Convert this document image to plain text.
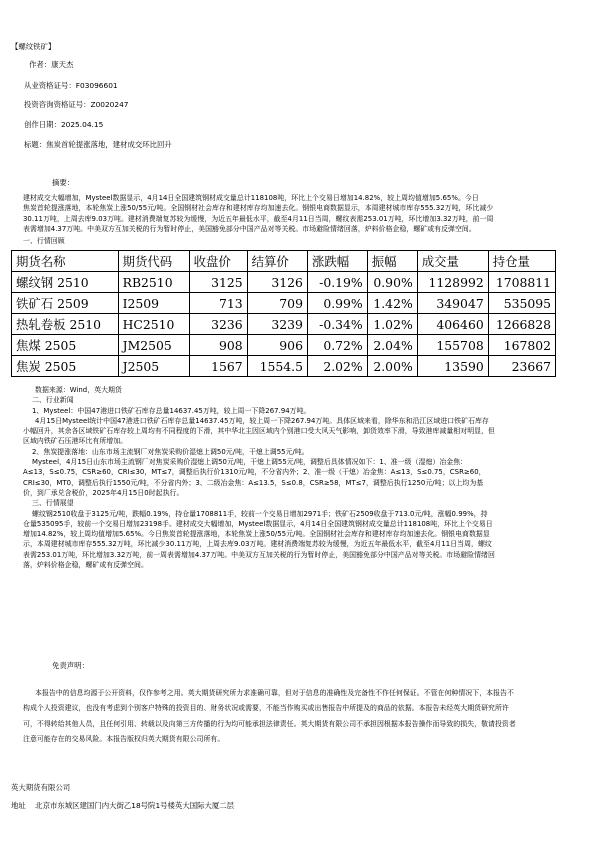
【螺纹铁矿】
作者：康天杰
从业资格证号：F03096601
投资咨询资格证号：Z0020247
创作日期：2025.04.15
标题：焦炭首轮提涨落地，建材成交环比回升
摘要：
建材成交大幅增加，Mysteel数据显示，4月14日全国建筑钢材成交量总计118108吨，环比上个交易日增加14.82%，较上周均值增加5.65%。今日
焦炭首轮提涨落地，本轮焦炭上涨50/55元/吨。全国钢材社会库存和建材库存均加速去化。钢银电商数据显示，本周建材城市库存555.32万吨，环比减少
30.11万吨，上周去库9.03万吨。建材消费端复苏较为缓慢，为近五年最低水平，截至4月11日当周，螺纹表需253.01万吨，环比增加3.32万吨，前一周
表需增加4.37万吨。中美双方互加关税的行为暂时停止，美国豁免部分中国产品对等关税。市场避险情绪回落，炉料价格企稳，螺矿或有反弹空间。
一、行情回顾
期货名称	期货代码	收盘价	结算价	涨跌幅	振幅	成交量	持仓量
螺纹钢 2510	RB2510	3125	3126	-0.19%	0.90%	1128992	1708811
铁矿石 2509	I2509	713	709	0.99%	1.42%	349047	535095
热轧卷板 2510	HC2510	3236	3239	-0.34%	1.02%	406460	1266828
焦煤 2505	JM2505	908	906	0.72%	2.04%	155708	167802
焦炭 2505	J2505	1567	1554.5	2.02%	2.00%	13590	23667
数据来源：Wind，英大期货
二、行业新闻
1、Mysteel：中国47港进口铁矿石库存总量14637.45万吨，较上周一下降267.94万吨。
4月15日Mysteel统计中国47港进口铁矿石库存总量14637.45万吨，较上周一下降267.94万吨。具体区域来看，除华东和沿江区域进口铁矿石库存
小幅回升，其余各区域铁矿石库存较上周均有不同程度的下滑，其中华北主因区域内个别港口受大风天气影响，卸货效率下滑，导致港库减量相对明显，但
区域内铁矿石压港环比有所增加。
2、焦炭提涨落地：山东市场主流钢厂对焦炭采购价湿熄上调50元/吨，干熄上调55元/吨。
Mysteel，4月15日山东市场主流钢厂对焦炭采购价湿熄上调50元/吨，干熄上调55元/吨，调整后具体情况如下：1、准一级（湿熄）冶金焦：
A≤13，S≤0.75，CSR≥60，CRI≤30，MT≤7，调整后执行价1310元/吨，不分省内外；2、准一级（干熄）冶金焦：A≤13，S≤0.75，CSR≥60，
CRI≤30，MT0，调整后执行1550元/吨，不分省内外；3、二级冶金焦：A≤13.5，S≤0.8，CSR≥58，MT≤7，调整后执行1250元/吨；以上均为基
价，到厂承兑含税价，2025年4月15日0时起执行。
三、行情展望
螺纹钢2510收盘于3125元/吨，跌幅0.19%，持仓量1708811手，较前一个交易日增加2971手；铁矿石2509收盘于713.0元/吨，涨幅0.99%，持
仓量535095手，较前一个交易日增加23198手。建材成交大幅增加，Mysteel数据显示，4月14日全国建筑钢材成交量总计118108吨，环比上个交易日
增加14.82%，较上周均值增加5.65%。今日焦炭首轮提涨落地，本轮焦炭上涨50/55元/吨。全国钢材社会库存和建材库存均加速去化。钢银电商数据显
示，本周建材城市库存555.32万吨，环比减少30.11万吨，上周去库9.03万吨。建材消费端复苏较为缓慢，为近五年最低水平，截至4月11日当周，螺纹
表需253.01万吨，环比增加3.32万吨，前一周表需增加4.37万吨。中美双方互加关税的行为暂时停止，美国豁免部分中国产品对等关税。市场避险情绪回
落，炉料价格企稳，螺矿或有反弹空间。
免责声明：
本报告中的信息均源于公开资料，仅作参考之用。英大期货研究所力求准确可靠，但对于信息的准确性及完备性不作任何保证。不管在何种情况下，本报告不
构成个人投资建议，也没有考虑到个别客户特殊的投资目的、财务状况或需要，不能当作购买或出售报告中所提及的商品的依据。本报告未经英大期货研究所许
可，不得转给其他人员，且任何引用、转载以及向第三方传播的行为均可能承担法律责任。英大期货有限公司不承担因根据本报告操作而导致的损失，敬请投资者
注意可能存在的交易风险。本报告版权归英大期货有限公司所有。
英大期货有限公司
地址    北京市东城区建国门内大街乙18号院1号楼英大国际大厦二层
